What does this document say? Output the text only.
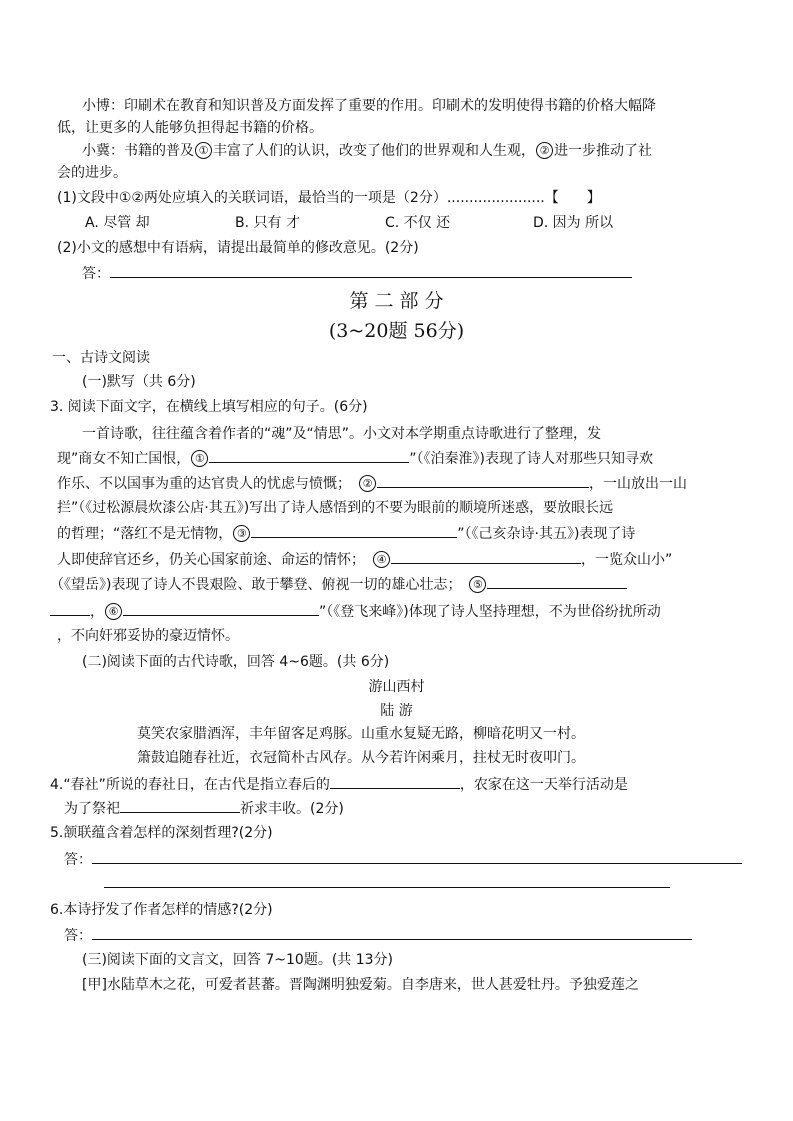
小博：印刷术在教育和知识普及方面发挥了重要的作用。印刷术的发明使得书籍的价格大幅降
低，让更多的人能够负担得起书籍的价格。
小冀：书籍的普及 ① 丰富了人们的认识，改变了他们的世界观和人生观， ② 进一步推动了社
会的进步。
(1)文段中①②两处应填入的关联词语，最恰当的一项是（2分）......................【　　】
A. 尽管 却	B. 只有 才	C. 不仅 还	D. 因为 所以
(2)小文的感想中有语病，请提出最简单的修改意见。(2分)
答：
第 二 部 分
(3~20题 56分)
一、古诗文阅读
(一)默写（共 6分)
3. 阅读下面文字，在横线上填写相应的句子。(6分)
一首诗歌，往往蕴含着作者的“魂”及“情思”。小文对本学期重点诗歌进行了整理，发
现”商女不知亡国恨， ①	”（《泊秦淮》)表现了诗人对那些只知寻欢
作乐、不以国事为重的达官贵人的忧虑与愤慨；　②	，一山放出一山
拦”（《过松源晨炊漆公店·其五》)写出了诗人感悟到的不要为眼前的顺境所迷惑，要放眼长远
的哲理；“落红不是无情物， ③	”（《己亥杂诗·其五》)表现了诗
人即使辞官还乡，仍关心国家前途、命运的情怀；　④	，一览众山小”
（《望岳》)表现了诗人不畏艰险、敢于攀登、俯视一切的雄心壮志；　⑤
， ⑥	”（《登飞来峰》)体现了诗人坚持理想，不为世俗纷扰所动
，不向奸邪妥协的豪迈情怀。
(二)阅读下面的古代诗歌，回答 4~6题。(共 6分)
游山西村
陆 游
莫笑农家腊酒浑，丰年留客足鸡豚。山重水复疑无路，柳暗花明又一村。
箫鼓追随春社近，衣冠简朴古风存。从今若许闲乘月，拄杖无时夜叩门。
4.“春社”所说的春社日，在古代是指立春后的	，农家在这一天举行活动是
为了祭祀	祈求丰收。(2分)
5.颔联蕴含着怎样的深刻哲理?(2分)
答：
6.本诗抒发了作者怎样的情感?(2分)
答：
(三)阅读下面的文言文，回答 7~10题。(共 13分)
[甲]水陆草木之花，可爱者甚蕃。晋陶渊明独爱菊。自李唐来，世人甚爱牡丹。予独爱莲之
